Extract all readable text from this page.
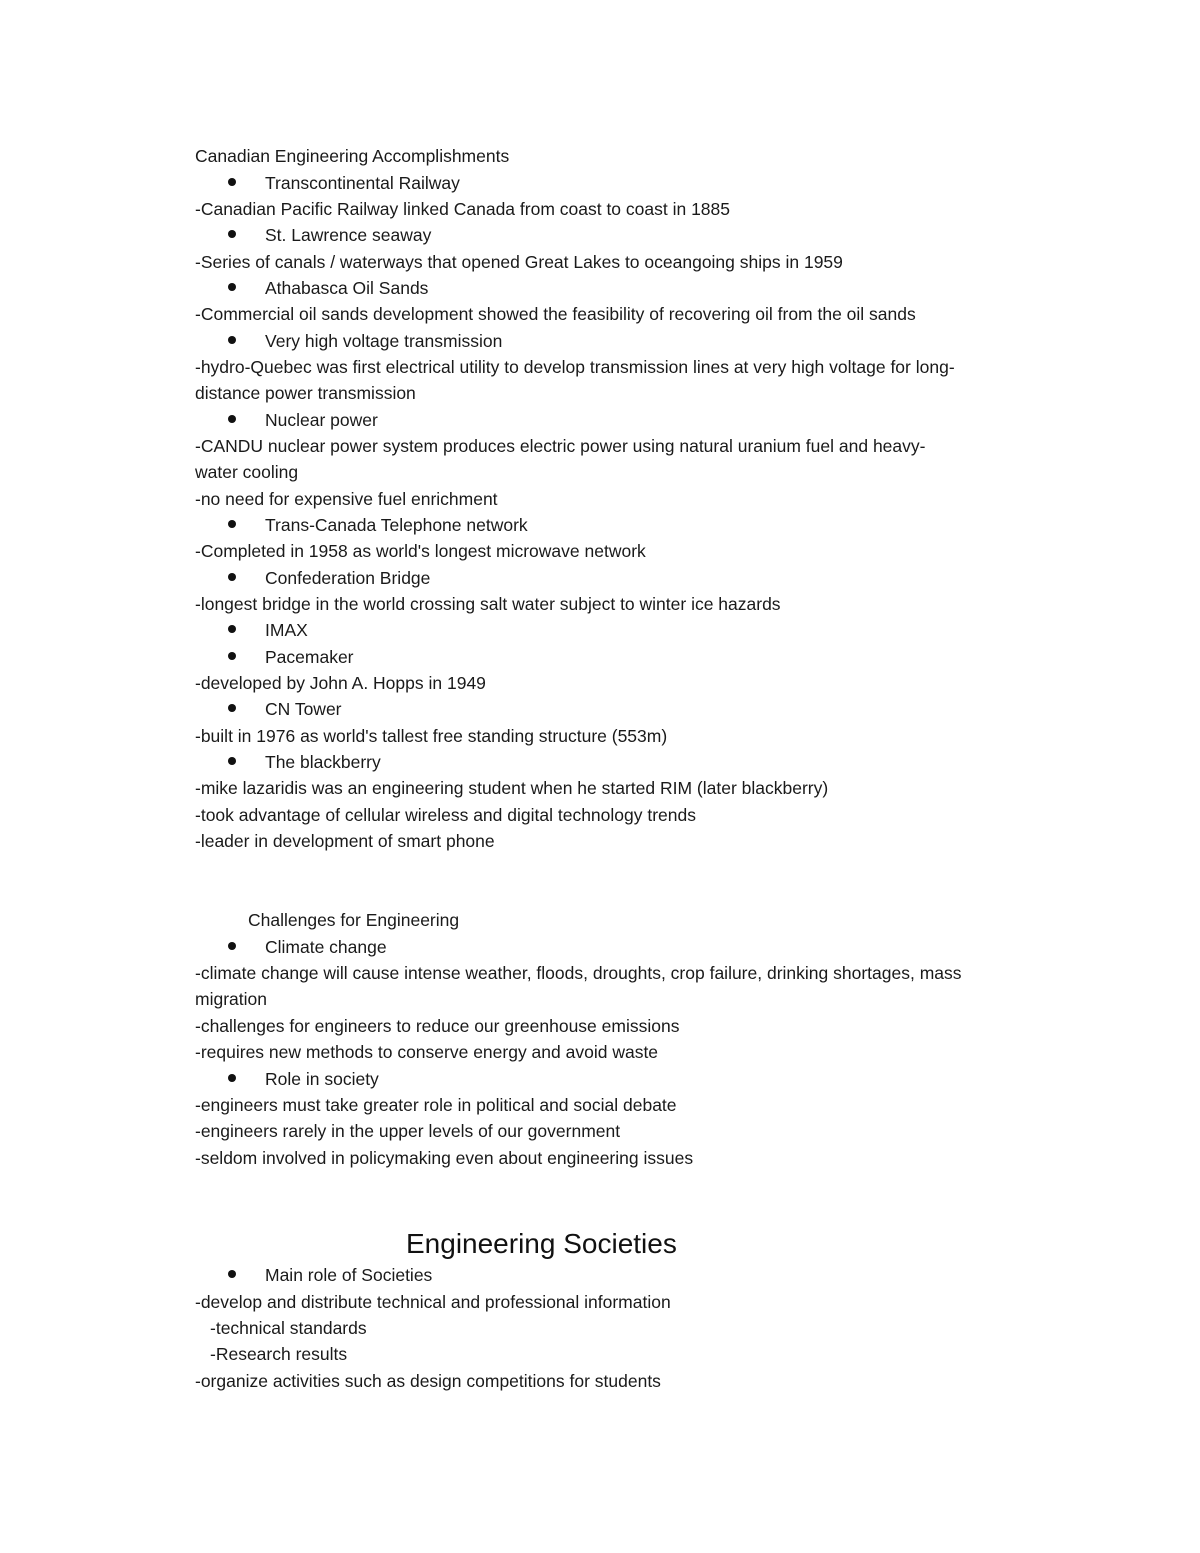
Canadian Engineering Accomplishments
Transcontinental Railway
-Canadian Pacific Railway linked Canada from coast to coast in 1885
St. Lawrence seaway
-Series of canals / waterways that opened Great Lakes to oceangoing ships in 1959
Athabasca Oil Sands
-Commercial oil sands development showed the feasibility of recovering oil from the oil sands
Very high voltage transmission
-hydro-Quebec was first electrical utility to develop transmission lines at very high voltage for long-
distance power transmission
Nuclear power
-CANDU nuclear power system produces electric power using natural uranium fuel and heavy-
water cooling
-no need for expensive fuel enrichment
Trans-Canada Telephone network
-Completed in 1958 as world's longest microwave network
Confederation Bridge
-longest bridge in the world crossing salt water subject to winter ice hazards
IMAX
Pacemaker
-developed by John A. Hopps in 1949
CN Tower
-built in 1976 as world's tallest free standing structure (553m)
The blackberry
-mike lazaridis was an engineering student when he started RIM (later blackberry)
-took advantage of cellular wireless and digital technology trends
-leader in development of smart phone
Challenges for Engineering
Climate change
-climate change will cause intense weather, floods, droughts, crop failure, drinking shortages, mass
migration
-challenges for engineers to reduce our greenhouse emissions
-requires new methods to conserve energy and avoid waste
Role in society
-engineers must take greater role in political and social debate
-engineers rarely in the upper levels of our government
-seldom involved in policymaking even about engineering issues
Engineering Societies
Main role of Societies
-develop and distribute technical and professional information
-technical standards
-Research results
-organize activities such as design competitions for students
